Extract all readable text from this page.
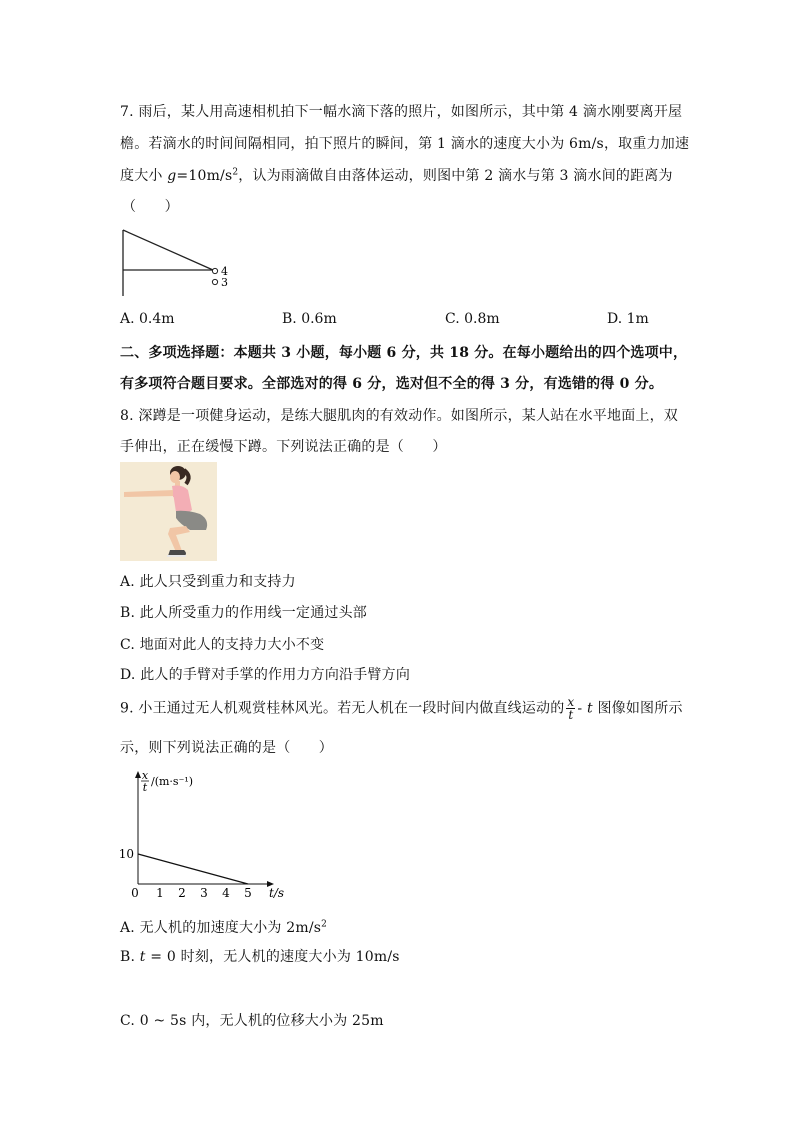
7. 雨后，某人用高速相机拍下一幅水滴下落的照片，如图所示，其中第 4 滴水刚要离开屋
檐。若滴水的时间间隔相同，拍下照片的瞬间，第 1 滴水的速度大小为 6m/s，取重力加速
度大小 $g=10m/s^2$，认为雨滴做自由落体运动，则图中第 2 滴水与第 3 滴水间的距离为
（　　）
4
3
A. 0.4m	B. 0.6m	C. 0.8m	D. 1m
二、多项选择题：本题共 3 小题，每小题 6 分，共 18 分。在每小题给出的四个选项中，
有多项符合题目要求。全部选对的得 6 分，选对但不全的得 3 分，有选错的得 0 分。
8. 深蹲是一项健身运动，是练大腿肌肉的有效动作。如图所示，某人站在水平地面上，双
手伸出，正在缓慢下蹲。下列说法正确的是（　　）
A. 此人只受到重力和支持力
B. 此人所受重力的作用线一定通过头部
C. 地面对此人的支持力大小不变
D. 此人的手臂对手掌的作用力方向沿手臂方向
9. 小王通过无人机观赏桂林风光。若无人机在一段时间内做直线运动的 $\frac{x}{t}$ - t 图像如图所示
示，则下列说法正确的是（　　）
x
t /(m·s⁻¹)
t/s
0 1 2 3 4 5
10
A. 无人机的加速度大小为 $2m/s^2$
B. t = 0 时刻，无人机的速度大小为 10m/s
C. 0 ~ 5s 内，无人机的位移大小为 25m
